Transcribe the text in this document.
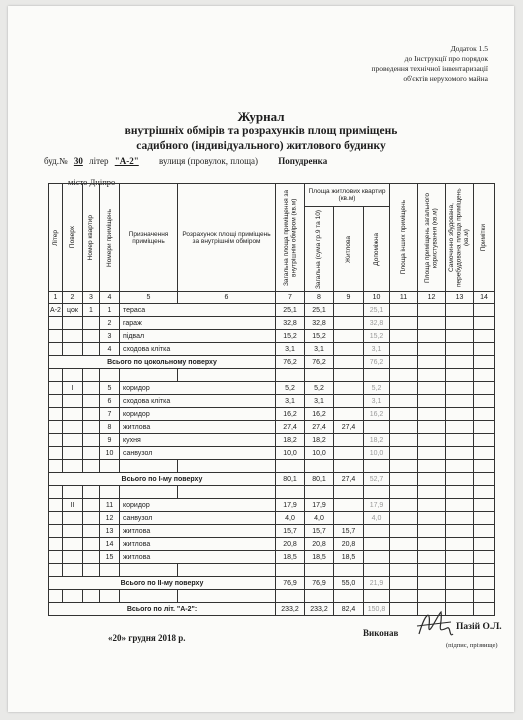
Додаток 1.5
до Інструкції про порядок
проведення технічної інвентаризації
об'єктів нерухомого майна
Журнал
внутрішніх обмірів та розрахунків площ приміщень
садибного (індивідуального) житлового будинку
буд.№ 30 літер "А-2" вулиця (провулок, площа) Попудренка
місто Дніпро
Літер	Поверх	Номер квартир	Номери приміщень	Призначення приміщень	Розрахунок площі приміщень за внутрішнім обміром	Загальна площа приміщення за внутрішнім обміром (кв.м)	Площа житлових квартир (кв.м)			Площа інших приміщень	Площа приміщень загального користування (кв.м)	Самочинно збудована, перебудована площа приміщень (кв.м)	Примітки

							Загальна (сума гр.9 та 10)	Житлова	Допоміжна				

1	2	3	4	5	6	7	8	9	10	11	12	13	14
А-2	цок	1	1	тераса		25,1	25,1		25,1				
			2	гараж		32,8	32,8		32,8				
			3	підвал		15,2	15,2		15,2				
			4	сходова клітка		3,1	3,1		3,1				
Всього по цокольному поверху						76,2	76,2		76,2				

	I		5	коридор		5,2	5,2		5,2				
			6	сходова клітка		3,1	3,1		3,1				
			7	коридор		16,2	16,2		16,2				
			8	житлова		27,4	27,4	27,4					
			9	кухня		18,2	18,2		18,2				
			10	санвузол		10,0	10,0		10,0				

Всього по І-му поверху						80,1	80,1	27,4	52,7				

	II		11	коридор		17,9	17,9		17,9				
			12	санвузол		4,0	4,0		4,0				
			13	житлова		15,7	15,7	15,7					
			14	житлова		20,8	20,8	20,8					
			15	житлова		18,5	18,5	18,5					

Всього по ІІ-му поверху						76,9	76,9	55,0	21,9				

Всього по літ. "А-2":						233,2	233,2	82,4	150,8				
«20» грудня 2018 р.	Виконав
Пазій О.Л.
(підпис, прізвище)
